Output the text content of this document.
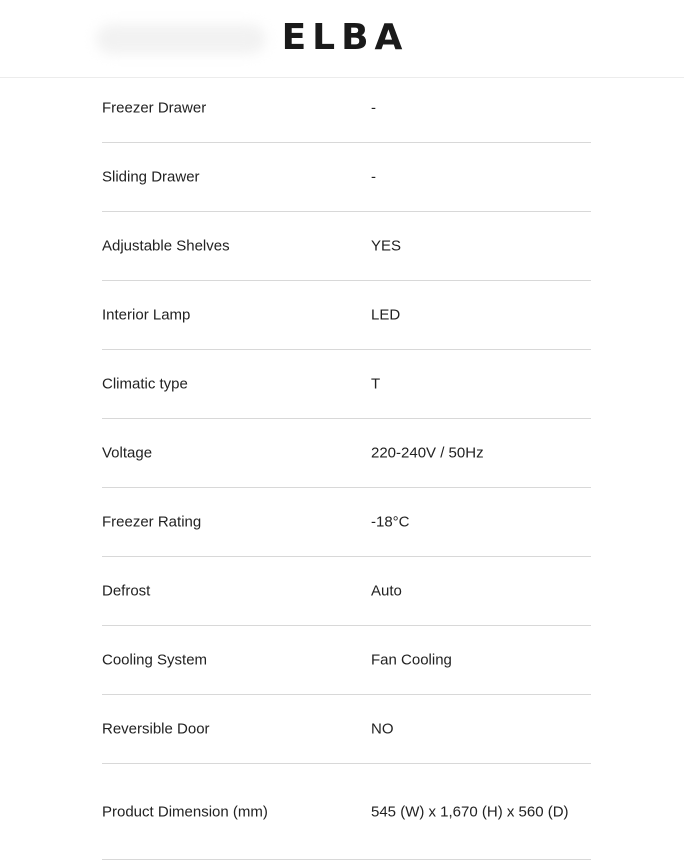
ELBA
Freezer Drawer	-
Sliding Drawer	-
Adjustable Shelves	YES
Interior Lamp	LED
Climatic type	T
Voltage	220-240V / 50Hz
Freezer Rating	-18°C
Defrost	Auto
Cooling System	Fan Cooling
Reversible Door	NO
Product Dimension (mm)	545 (W) x 1,670 (H) x 560 (D)
